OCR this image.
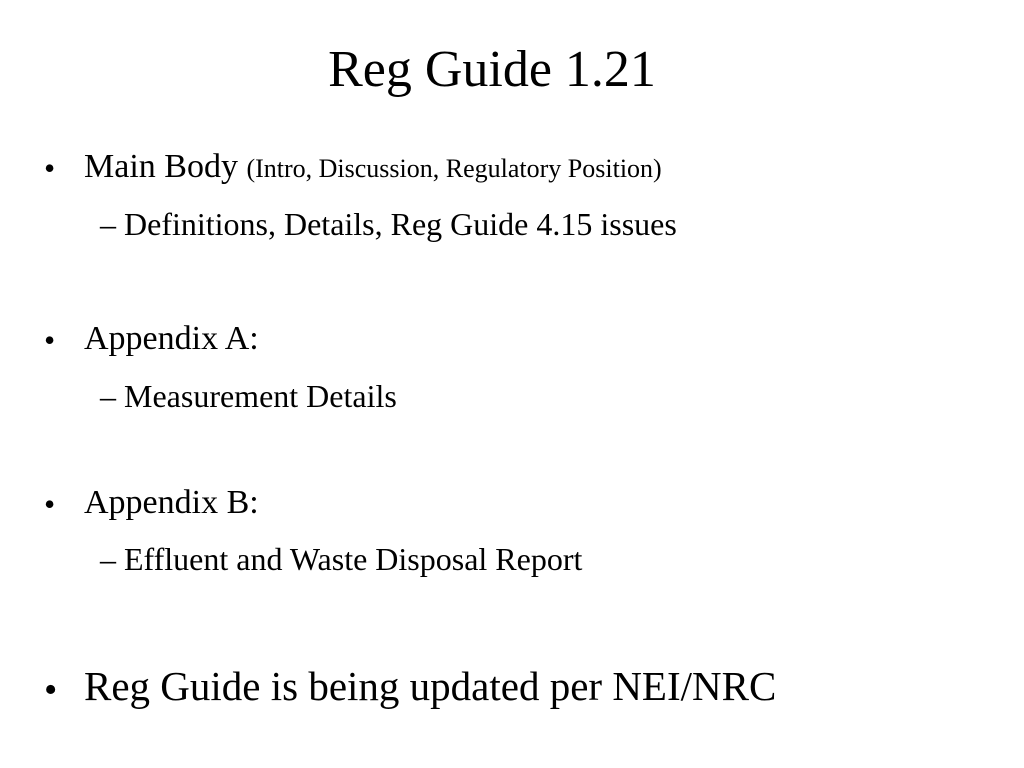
Reg Guide 1.21
• Main Body (Intro, Discussion, Regulatory Position)
– Definitions, Details, Reg Guide 4.15 issues
• Appendix A:
– Measurement Details
• Appendix B:
– Effluent and Waste Disposal Report
• Reg Guide is being updated per NEI/NRC
